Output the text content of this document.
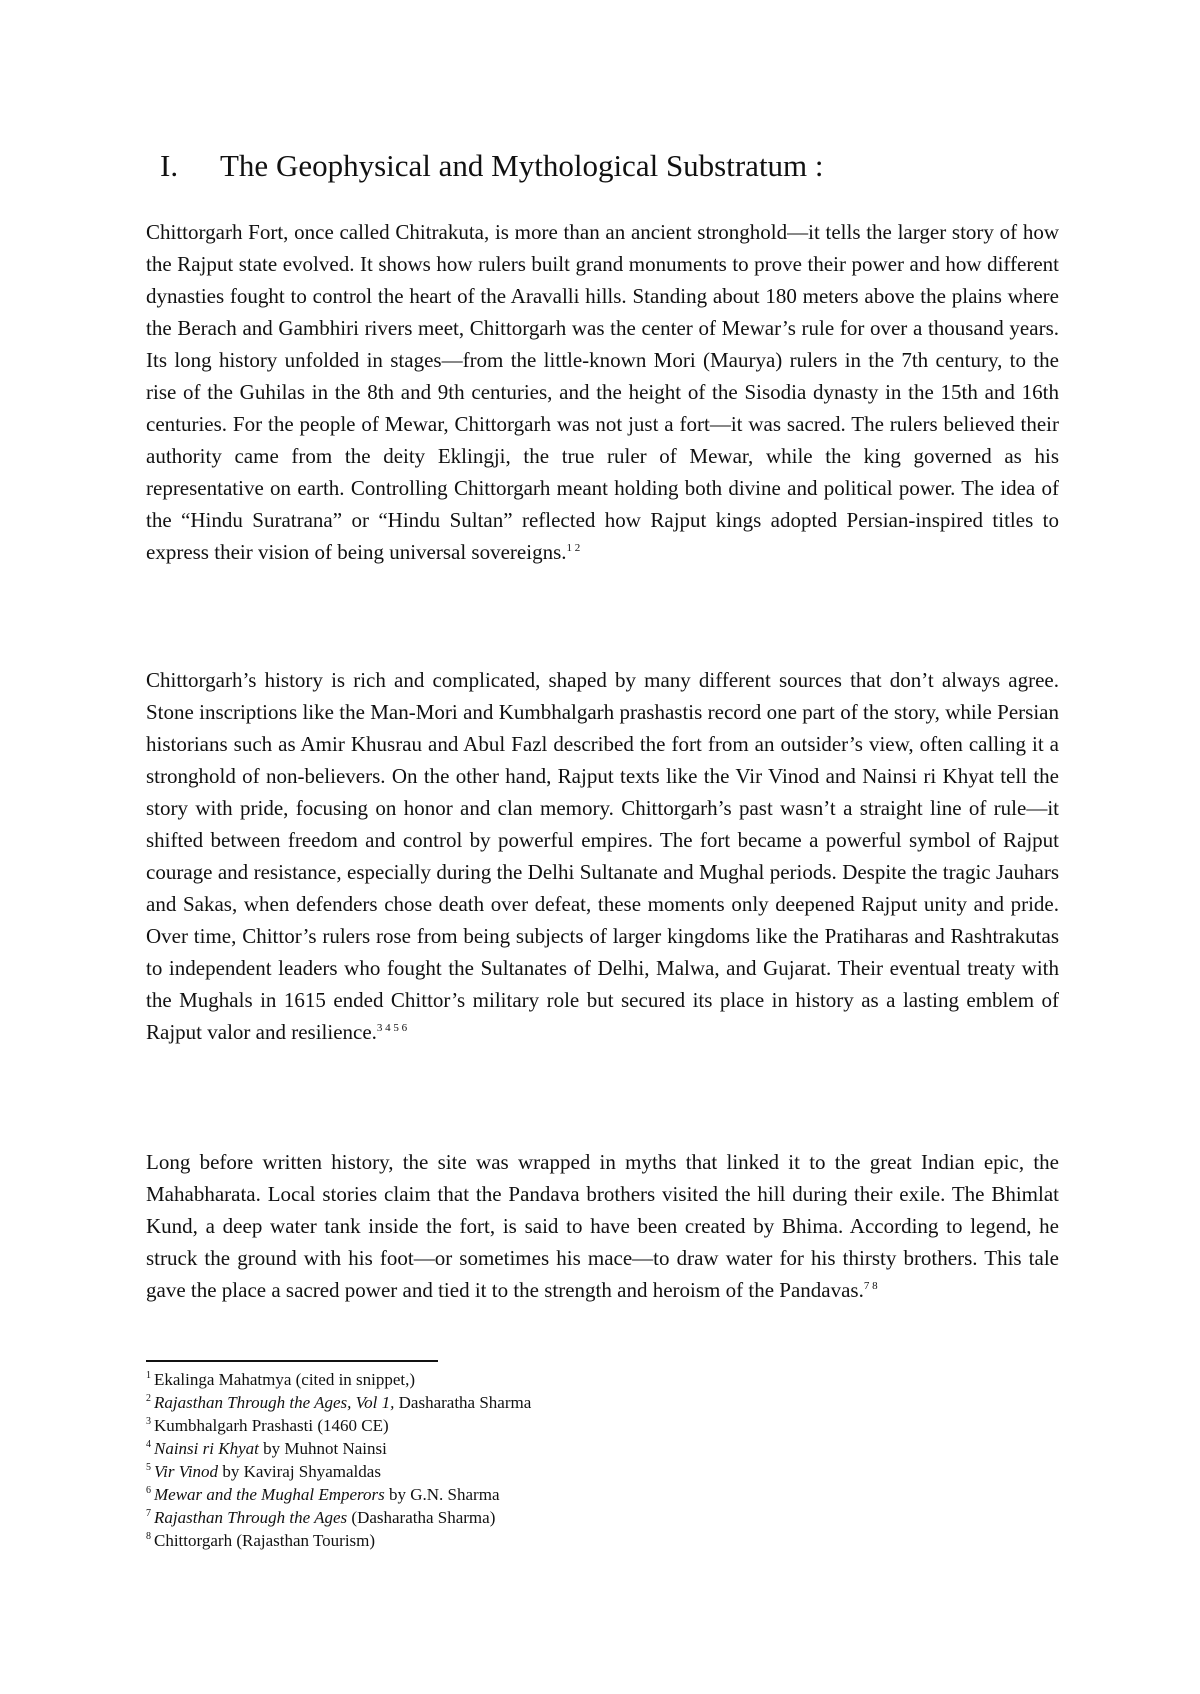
I. The Geophysical and Mythological Substratum :

Chittorgarh Fort, once called Chitrakuta, is more than an ancient stronghold—it tells the larger story of how the Rajput state evolved. It shows how rulers built grand monuments to prove their power and how different dynasties fought to control the heart of the Aravalli hills. Standing about 180 meters above the plains where the Berach and Gambhiri rivers meet, Chittorgarh was the center of Mewar’s rule for over a thousand years. Its long history unfolded in stages—from the little-known Mori (Maurya) rulers in the 7th century, to the rise of the Guhilas in the 8th and 9th centuries, and the height of the Sisodia dynasty in the 15th and 16th centuries. For the people of Mewar, Chittorgarh was not just a fort—it was sacred. The rulers believed their authority came from the deity Eklingji, the true ruler of Mewar, while the king governed as his representative on earth. Controlling Chittorgarh meant holding both divine and political power. The idea of the “Hindu Suratrana” or “Hindu Sultan” reflected how Rajput kings adopted Persian-inspired titles to express their vision of being universal sovereigns.$^{1 2}$

Chittorgarh’s history is rich and complicated, shaped by many different sources that don’t always agree. Stone inscriptions like the Man-Mori and Kumbhalgarh prashastis record one part of the story, while Persian historians such as Amir Khusrau and Abul Fazl described the fort from an outsider’s view, often calling it a stronghold of non-believers. On the other hand, Rajput texts like the Vir Vinod and Nainsi ri Khyat tell the story with pride, focusing on honor and clan memory. Chittorgarh’s past wasn’t a straight line of rule—it shifted between freedom and control by powerful empires. The fort became a powerful symbol of Rajput courage and resistance, especially during the Delhi Sultanate and Mughal periods. Despite the tragic Jauhars and Sakas, when defenders chose death over defeat, these moments only deepened Rajput unity and pride. Over time, Chittor’s rulers rose from being subjects of larger kingdoms like the Pratiharas and Rashtrakutas to independent leaders who fought the Sultanates of Delhi, Malwa, and Gujarat. Their eventual treaty with the Mughals in 1615 ended Chittor’s military role but secured its place in history as a lasting emblem of Rajput valor and resilience.$^{3 4 5 6}$

Long before written history, the site was wrapped in myths that linked it to the great Indian epic, the Mahabharata. Local stories claim that the Pandava brothers visited the hill during their exile. The Bhimlat Kund, a deep water tank inside the fort, is said to have been created by Bhima. According to legend, he struck the ground with his foot—or sometimes his mace—to draw water for his thirsty brothers. This tale gave the place a sacred power and tied it to the strength and heroism of the Pandavas.$^{7 8}$

$^1$ Ekalinga Mahatmya (cited in snippet,)
$^2$ Rajasthan Through the Ages, Vol 1, Dasharatha Sharma
$^3$ Kumbhalgarh Prashasti (1460 CE)
$^4$ Nainsi ri Khyat by Muhnot Nainsi
$^5$ Vir Vinod by Kaviraj Shyamaldas
$^6$ Mewar and the Mughal Emperors by G.N. Sharma
$^7$ Rajasthan Through the Ages (Dasharatha Sharma)
$^8$ Chittorgarh (Rajasthan Tourism)
